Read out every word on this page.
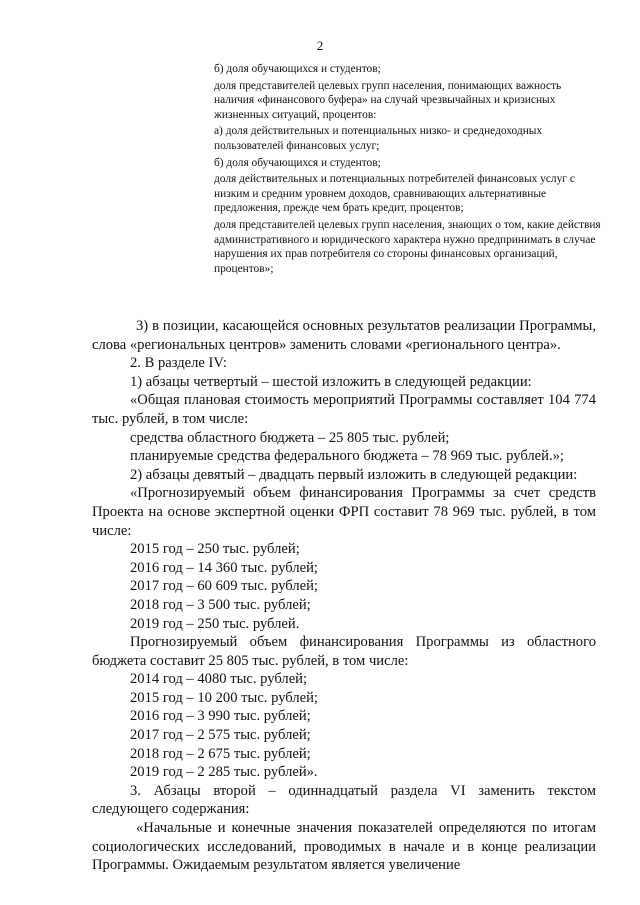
2

б) доля обучающихся и студентов;

доля представителей целевых групп населения, понимающих важность наличия «финансового буфера» на случай чрезвычайных и кризисных жизненных ситуаций, процентов:

а) доля действительных и потенциальных низко- и среднедоходных пользователей финансовых услуг;

б) доля обучающихся и студентов;

доля действительных и потенциальных потребителей финансовых услуг с низким и средним уровнем доходов, сравнивающих альтернативные предложения, прежде чем брать кредит, процентов;

доля представителей целевых групп населения, знающих о том, какие действия административного и юридического характера нужно предпринимать в случае нарушения их прав потребителя со стороны финансовых организаций, процентов»;

3) в позиции, касающейся основных результатов реализации Программы, слова «региональных центров» заменить словами «регионального центра».

2. В разделе IV:

1) абзацы четвертый – шестой изложить в следующей редакции:

«Общая плановая стоимость мероприятий Программы составляет 104 774 тыс. рублей, в том числе:

средства областного бюджета – 25 805 тыс. рублей;

планируемые средства федерального бюджета – 78 969 тыс. рублей.»;

2) абзацы девятый – двадцать первый изложить в следующей редакции:

«Прогнозируемый объем финансирования Программы за счет средств Проекта на основе экспертной оценки ФРП составит 78 969 тыс. рублей, в том числе:

2015 год – 250 тыс. рублей;

2016 год – 14 360 тыс. рублей;

2017 год – 60 609 тыс. рублей;

2018 год – 3 500 тыс. рублей;

2019 год – 250 тыс. рублей.

Прогнозируемый объем финансирования Программы из областного бюджета составит 25 805 тыс. рублей, в том числе:

2014 год – 4080 тыс. рублей;

2015 год – 10 200 тыс. рублей;

2016 год – 3 990 тыс. рублей;

2017 год – 2 575 тыс. рублей;

2018 год – 2 675 тыс. рублей;

2019 год – 2 285 тыс. рублей».

3. Абзацы второй – одиннадцатый раздела VI заменить текстом следующего содержания:

«Начальные и конечные значения показателей определяются по итогам социологических исследований, проводимых в начале и в конце реализации Программы. Ожидаемым результатом является увеличение
